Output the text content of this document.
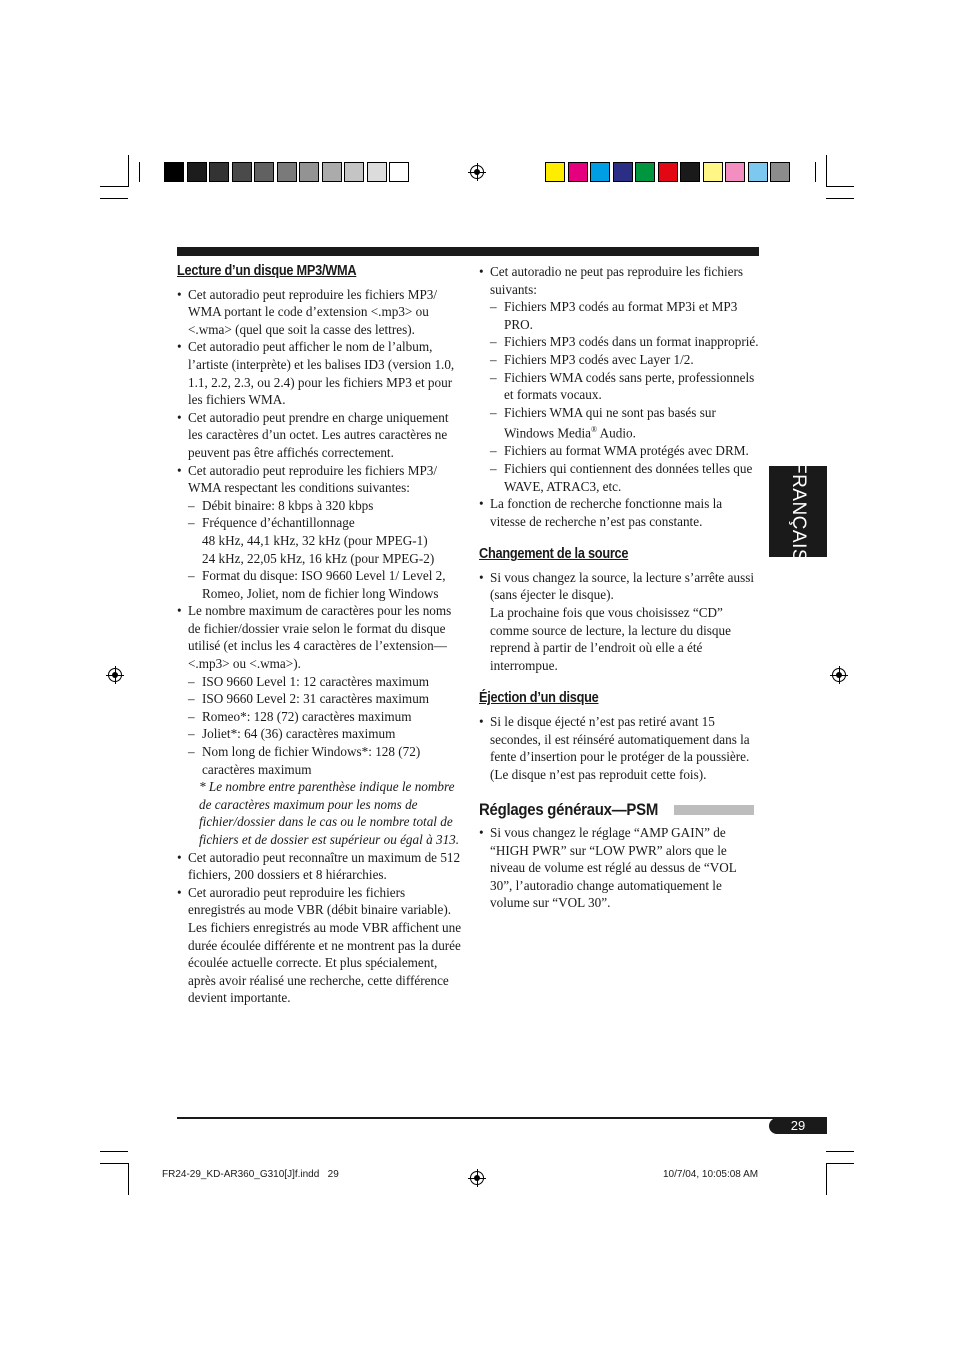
Lecture d’un disque MP3/WMA
• Cet autoradio peut reproduire les fichiers MP3/ WMA portant le code d’extension <.mp3> ou <.wma> (quel que soit la casse des lettres).
• Cet autoradio peut afficher le nom de l’album, l’artiste (interprète) et les balises ID3 (version 1.0, 1.1, 2.2, 2.3, ou 2.4) pour les fichiers MP3 et pour les fichiers WMA.
• Cet autoradio peut prendre en charge uniquement les caractères d’un octet. Les autres caractères ne peuvent pas être affichés correctement.
• Cet autoradio peut reproduire les fichiers MP3/ WMA respectant les conditions suivantes:
– Débit binaire: 8 kbps à 320 kbps
– Fréquence d’échantillonnage
48 kHz, 44,1 kHz, 32 kHz (pour MPEG-1)
24 kHz, 22,05 kHz, 16 kHz (pour MPEG-2)
– Format du disque: ISO 9660 Level 1/ Level 2, Romeo, Joliet, nom de fichier long Windows
• Le nombre maximum de caractères pour les noms de fichier/dossier vraie selon le format du disque utilisé (et inclus les 4 caractères de l’extension—<.mp3> ou <.wma>).
– ISO 9660 Level 1: 12 caractères maximum
– ISO 9660 Level 2: 31 caractères maximum
– Romeo*: 128 (72) caractères maximum
– Joliet*: 64 (36) caractères maximum
– Nom long de fichier Windows*: 128 (72) caractères maximum
* Le nombre entre parenthèse indique le nombre de caractères maximum pour les noms de fichier/dossier dans le cas ou le nombre total de fichiers et de dossier est supérieur ou égal à 313.
• Cet autoradio peut reconnaître un maximum de 512 fichiers, 200 dossiers et 8 hiérarchies.
• Cet auroradio peut reproduire les fichiers enregistrés au mode VBR (débit binaire variable).
Les fichiers enregistrés au mode VBR affichent une durée écoulée différente et ne montrent pas la durée écoulée actuelle correcte. Et plus spécialement, après avoir réalisé une recherche, cette différence devient importante.
• Cet autoradio ne peut pas reproduire les fichiers suivants:
– Fichiers MP3 codés au format MP3i et MP3 PRO.
– Fichiers MP3 codés dans un format inapproprié.
– Fichiers MP3 codés avec Layer 1/2.
– Fichiers WMA codés sans perte, professionnels et formats vocaux.
– Fichiers WMA qui ne sont pas basés sur Windows Media® Audio.
– Fichiers au format WMA protégés avec DRM.
– Fichiers qui contiennent des données telles que WAVE, ATRAC3, etc.
• La fonction de recherche fonctionne mais la vitesse de recherche n’est pas constante.
Changement de la source
• Si vous changez la source, la lecture s’arrête aussi (sans éjecter le disque).
La prochaine fois que vous choisissez “CD” comme source de lecture, la lecture du disque reprend à partir de l’endroit où elle a été interrompue.
Éjection d’un disque
• Si le disque éjecté n’est pas retiré avant 15 secondes, il est réinséré automatiquement dans la fente d’insertion pour le protéger de la poussière. (Le disque n’est pas reproduit cette fois).
Réglages généraux—PSM
• Si vous changez le réglage “AMP GAIN” de “HIGH PWR” sur “LOW PWR” alors que le niveau de volume est réglé au dessus de “VOL 30”, l’autoradio change automatiquement le volume sur “VOL 30”.
FRANÇAIS
29
FR24-29_KD-AR360_G310[J]f.indd   29	10/7/04, 10:05:08 AM
